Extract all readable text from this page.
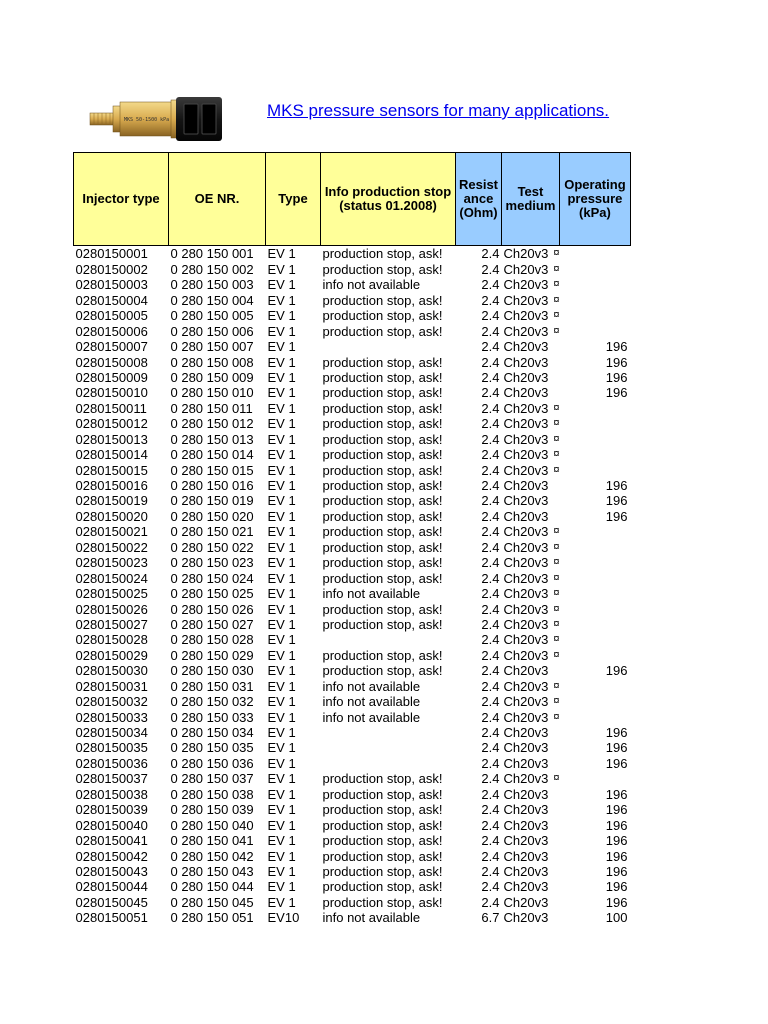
MKS 50-1500 kPa	MKS pressure sensors for many applications.
Injector type	OE NR.	Type	Info production stop (status 01.2008)	Resist ance (Ohm)	Test medium		Operating pressure (kPa)
0280150001	0 280 150 001	EV 1	production stop, ask!	2.4	Ch20v3	¤	
0280150002	0 280 150 002	EV 1	production stop, ask!	2.4	Ch20v3	¤	
0280150003	0 280 150 003	EV 1	info not available	2.4	Ch20v3	¤	
0280150004	0 280 150 004	EV 1	production stop, ask!	2.4	Ch20v3	¤	
0280150005	0 280 150 005	EV 1	production stop, ask!	2.4	Ch20v3	¤	
0280150006	0 280 150 006	EV 1	production stop, ask!	2.4	Ch20v3	¤	
0280150007	0 280 150 007	EV 1		2.4	Ch20v3		196
0280150008	0 280 150 008	EV 1	production stop, ask!	2.4	Ch20v3		196
0280150009	0 280 150 009	EV 1	production stop, ask!	2.4	Ch20v3		196
0280150010	0 280 150 010	EV 1	production stop, ask!	2.4	Ch20v3		196
0280150011	0 280 150 011	EV 1	production stop, ask!	2.4	Ch20v3	¤	
0280150012	0 280 150 012	EV 1	production stop, ask!	2.4	Ch20v3	¤	
0280150013	0 280 150 013	EV 1	production stop, ask!	2.4	Ch20v3	¤	
0280150014	0 280 150 014	EV 1	production stop, ask!	2.4	Ch20v3	¤	
0280150015	0 280 150 015	EV 1	production stop, ask!	2.4	Ch20v3	¤	
0280150016	0 280 150 016	EV 1	production stop, ask!	2.4	Ch20v3		196
0280150019	0 280 150 019	EV 1	production stop, ask!	2.4	Ch20v3		196
0280150020	0 280 150 020	EV 1	production stop, ask!	2.4	Ch20v3		196
0280150021	0 280 150 021	EV 1	production stop, ask!	2.4	Ch20v3	¤	
0280150022	0 280 150 022	EV 1	production stop, ask!	2.4	Ch20v3	¤	
0280150023	0 280 150 023	EV 1	production stop, ask!	2.4	Ch20v3	¤	
0280150024	0 280 150 024	EV 1	production stop, ask!	2.4	Ch20v3	¤	
0280150025	0 280 150 025	EV 1	info not available	2.4	Ch20v3	¤	
0280150026	0 280 150 026	EV 1	production stop, ask!	2.4	Ch20v3	¤	
0280150027	0 280 150 027	EV 1	production stop, ask!	2.4	Ch20v3	¤	
0280150028	0 280 150 028	EV 1		2.4	Ch20v3	¤	
0280150029	0 280 150 029	EV 1	production stop, ask!	2.4	Ch20v3	¤	
0280150030	0 280 150 030	EV 1	production stop, ask!	2.4	Ch20v3		196
0280150031	0 280 150 031	EV 1	info not available	2.4	Ch20v3	¤	
0280150032	0 280 150 032	EV 1	info not available	2.4	Ch20v3	¤	
0280150033	0 280 150 033	EV 1	info not available	2.4	Ch20v3	¤	
0280150034	0 280 150 034	EV 1		2.4	Ch20v3		196
0280150035	0 280 150 035	EV 1		2.4	Ch20v3		196
0280150036	0 280 150 036	EV 1		2.4	Ch20v3		196
0280150037	0 280 150 037	EV 1	production stop, ask!	2.4	Ch20v3	¤	
0280150038	0 280 150 038	EV 1	production stop, ask!	2.4	Ch20v3		196
0280150039	0 280 150 039	EV 1	production stop, ask!	2.4	Ch20v3		196
0280150040	0 280 150 040	EV 1	production stop, ask!	2.4	Ch20v3		196
0280150041	0 280 150 041	EV 1	production stop, ask!	2.4	Ch20v3		196
0280150042	0 280 150 042	EV 1	production stop, ask!	2.4	Ch20v3		196
0280150043	0 280 150 043	EV 1	production stop, ask!	2.4	Ch20v3		196
0280150044	0 280 150 044	EV 1	production stop, ask!	2.4	Ch20v3		196
0280150045	0 280 150 045	EV 1	production stop, ask!	2.4	Ch20v3		196
0280150051	0 280 150 051	EV10	info not available	6.7	Ch20v3		100
